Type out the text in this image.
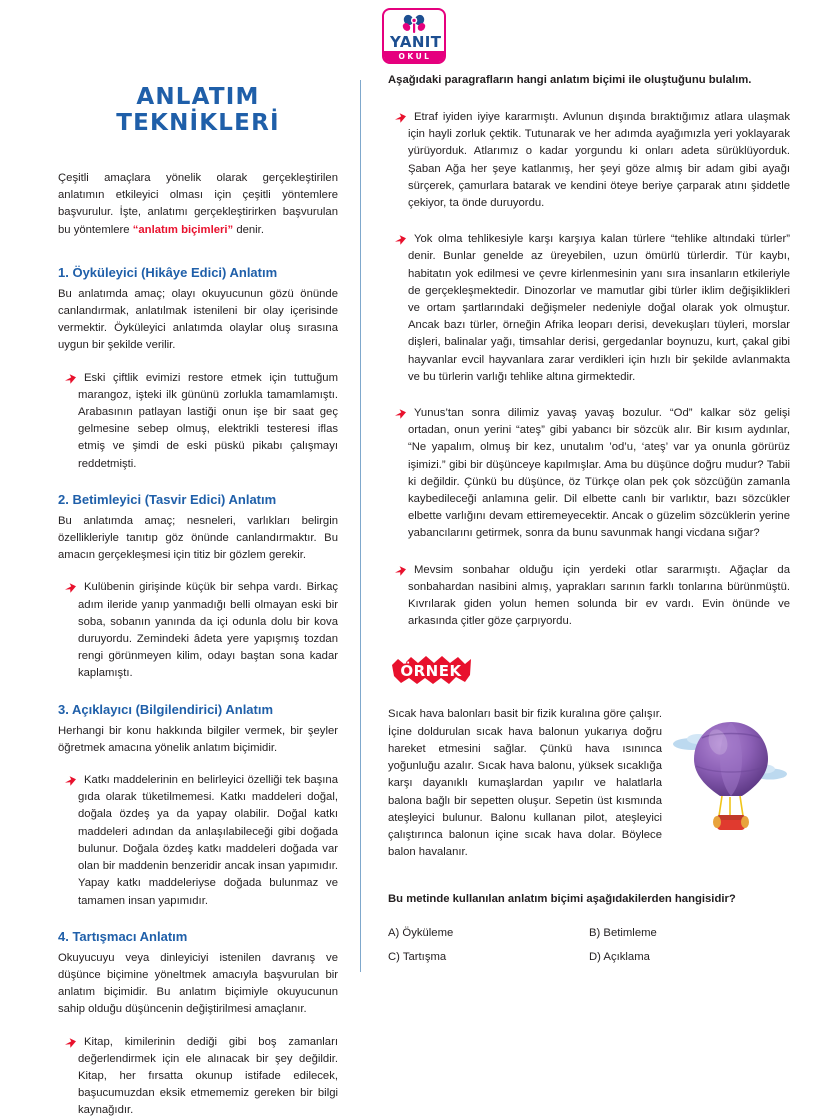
YANIT
OKUL
ANLATIM TEKNİKLERİ

Çeşitli amaçlara yönelik olarak gerçekleştirilen anlatımın etkileyici olması için çeşitli yöntemlere başvurulur. İşte, anlatımı gerçekleştirirken başvurulan bu yöntemlere “anlatım biçimleri” denir.

1. Öyküleyici (Hikâye Edici) Anlatım

Bu anlatımda amaç; olayı okuyucunun gözü önünde canlandırmak, anlatılmak istenileni bir olay içerisinde vermektir. Öyküleyici anlatımda olaylar oluş sırasına uygun bir şekilde verilir.

Eski çiftlik evimizi restore etmek için tuttuğum marangoz, işteki ilk gününü zorlukla tamamlamıştı. Arabasının patlayan lastiği onun işe bir saat geç gelmesine sebep olmuş, elektrikli testeresi iflas etmiş ve şimdi de eski püskü pikabı çalışmayı reddetmişti.

2. Betimleyici (Tasvir Edici) Anlatım

Bu anlatımda amaç; nesneleri, varlıkları belirgin özellikleriyle tanıtıp göz önünde canlandırmaktır. Bu amacın gerçekleşmesi için titiz bir gözlem gerekir.

Kulübenin girişinde küçük bir sehpa vardı. Birkaç adım ileride yanıp yanmadığı belli olmayan eski bir soba, sobanın yanında da içi odunla dolu bir kova duruyordu. Zemindeki âdeta yere yapışmış tozdan rengi görünmeyen kilim, odayı baştan sona kadar kaplamıştı.

3. Açıklayıcı (Bilgilendirici) Anlatım

Herhangi bir konu hakkında bilgiler vermek, bir şeyler öğretmek amacına yönelik anlatım biçimidir.

Katkı maddelerinin en belirleyici özelliği tek başına gıda olarak tüketilmemesi. Katkı maddeleri doğal, doğala özdeş ya da yapay olabilir. Doğal katkı maddeleri adından da anlaşılabileceği gibi doğada bulunur. Doğala özdeş katkı maddeleri doğada var olan bir maddenin benzeridir ancak insan yapımıdır. Yapay katkı maddeleriyse doğada bulunmaz ve tamamen insan yapımıdır.

4. Tartışmacı Anlatım

Okuyucuyu veya dinleyiciyi istenilen davranış ve düşünce biçimine yöneltmek amacıyla başvurulan bir anlatım biçimidir. Bu anlatım biçimiyle okuyucunun sahip olduğu düşüncenin değiştirilmesi amaçlanır.

Kitap, kimilerinin dediği gibi boş zamanları değerlendirmek için ele alınacak bir şey değildir. Kitap, her fırsatta okunup istifade edilecek, başucumuzdan eksik etmememiz gereken bir bilgi kaynağıdır.

Aşağıdaki paragrafların hangi anlatım biçimi ile oluştuğunu bulalım.

Etraf iyiden iyiye kararmıştı. Avlunun dışında bıraktığımız atlara ulaşmak için hayli zorluk çektik. Tutunarak ve her adımda ayağımızla yeri yoklayarak yürüyorduk. Atlarımız o kadar yorgundu ki onları adeta sürüklüyorduk. Şaban Ağa her şeye katlanmış, her şeyi göze almış bir adam gibi ayağı sürçerek, çamurlara batarak ve kendini öteye beriye çarparak atını şiddetle çekiyor, ta önde duruyordu.

Yok olma tehlikesiyle karşı karşıya kalan türlere “tehlike altındaki türler” denir. Bunlar genelde az üreyebilen, uzun ömürlü türlerdir. Tür kaybı, habitatın yok edilmesi ve çevre kirlenmesinin yanı sıra insanların etkileriyle de gerçekleşmektedir. Dinozorlar ve mamutlar gibi türler iklim değişiklikleri ve ortam şartlarındaki değişmeler nedeniyle doğal olarak yok olmuştur. Ancak bazı türler, örneğin Afrika leoparı derisi, devekuşları tüyleri, morslar dişleri, balinalar yağı, timsahlar derisi, gergedanlar boynuzu, kurt, çakal gibi hayvanlar evcil hayvanlara zarar verdikleri için hızlı bir şekilde avlanmakta ve bu türlerin varlığı tehlike altına girmektedir.

Yunus’tan sonra dilimiz yavaş yavaş bozulur. “Od” kalkar söz gelişi ortadan, onun yerini “ateş” gibi yabancı bir sözcük alır. Bir kısım aydınlar, “Ne yapalım, olmuş bir kez, unutalım ’od’u, ‘ateş’ var ya onunla görürüz işimizi.” gibi bir düşünceye kapılmışlar. Ama bu düşünce doğru mudur? Tabii ki değildir. Çünkü bu düşünce, öz Türkçe olan pek çok sözcüğün zamanla kaybedileceği anlamına gelir. Dil elbette canlı bir varlıktır, bazı sözcükler elbette varlığını devam ettiremeyecektir. Ancak o güzelim sözcüklerin yerine yabancılarını getirmek, sonra da bunu savunmak hangi vicdana sığar?

Mevsim sonbahar olduğu için yerdeki otlar sararmıştı. Ağaçlar da sonbahardan nasibini almış, yaprakları sarının farklı tonlarına bürünmüştü. Kıvrılarak giden yolun hemen solunda bir ev vardı. Evin önünde ve arkasında çitler göze çarpıyordu.

ÖRNEK

Sıcak hava balonları basit bir fizik kuralına göre çalışır. İçine doldurulan sıcak hava balonun yukarıya doğru hareket etmesini sağlar. Çünkü hava ısınınca yoğunluğu azalır. Sıcak hava balonu, yüksek sıcaklığa karşı dayanıklı kumaşlardan yapılır ve halatlarla balona bağlı bir sepetten oluşur. Sepetin üst kısmında ateşleyici bulunur. Balonu kullanan pilot, ateşleyici çalıştırınca balonun içine sıcak hava dolar. Böylece balon havalanır.

Bu metinde kullanılan anlatım biçimi aşağıdakilerden hangisidir?

A) Öyküleme	B) Betimleme
C) Tartışma	D) Açıklama
